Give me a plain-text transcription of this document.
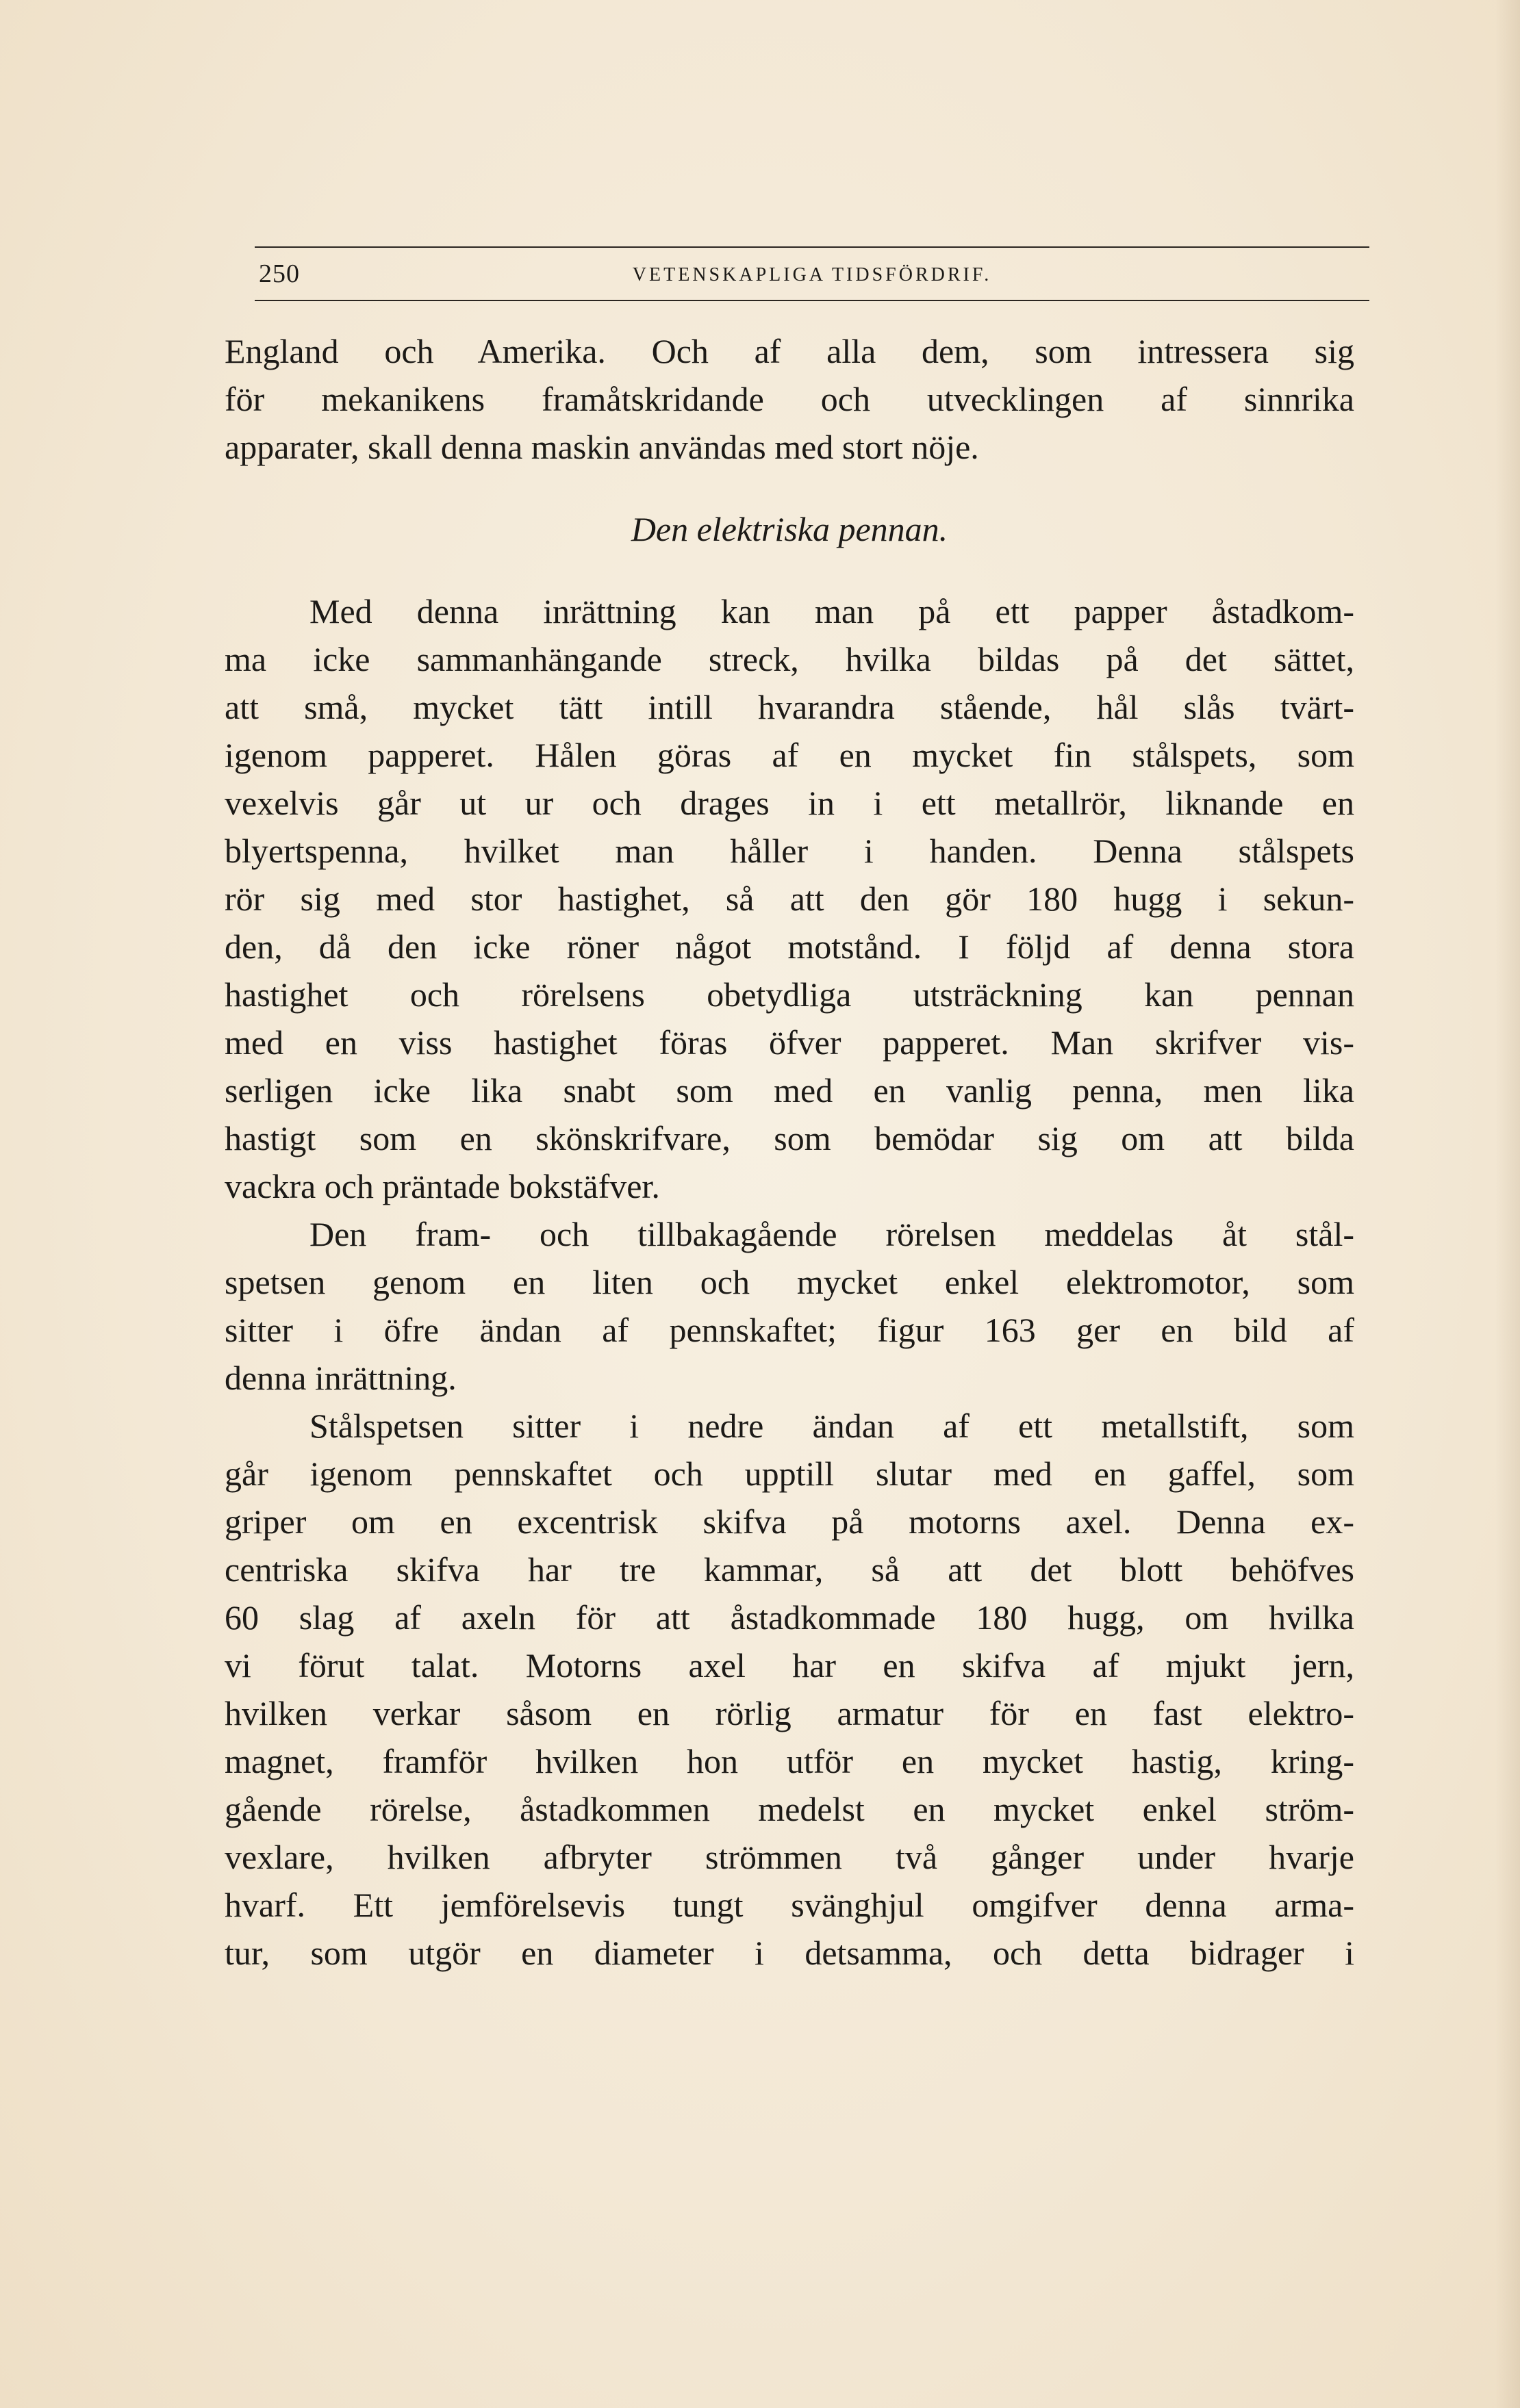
250	VETENSKAPLIGA TIDSFÖRDRIF.
England och Amerika. Och af alla dem, som intressera sig
för mekanikens framåtskridande och utvecklingen af sinnrika
apparater, skall denna maskin användas med stort nöje.
Den elektriska pennan.
Med denna inrättning kan man på ett papper åstadkom-
ma icke sammanhängande streck, hvilka bildas på det sättet,
att små, mycket tätt intill hvarandra stående, hål slås tvärt-
igenom papperet. Hålen göras af en mycket fin stålspets, som
vexelvis går ut ur och drages in i ett metallrör, liknande en
blyertspenna, hvilket man håller i handen. Denna stålspets
rör sig med stor hastighet, så att den gör 180 hugg i sekun-
den, då den icke röner något motstånd. I följd af denna stora
hastighet och rörelsens obetydliga utsträckning kan pennan
med en viss hastighet föras öfver papperet. Man skrifver vis-
serligen icke lika snabt som med en vanlig penna, men lika
hastigt som en skönskrifvare, som bemödar sig om att bilda
vackra och präntade bokstäfver.
Den fram- och tillbakagående rörelsen meddelas åt stål-
spetsen genom en liten och mycket enkel elektromotor, som
sitter i öfre ändan af pennskaftet; figur 163 ger en bild af
denna inrättning.
Stålspetsen sitter i nedre ändan af ett metallstift, som
går igenom pennskaftet och upptill slutar med en gaffel, som
griper om en excentrisk skifva på motorns axel. Denna ex-
centriska skifva har tre kammar, så att det blott behöfves
60 slag af axeln för att åstadkommade 180 hugg, om hvilka
vi förut talat. Motorns axel har en skifva af mjukt jern,
hvilken verkar såsom en rörlig armatur för en fast elektro-
magnet, framför hvilken hon utför en mycket hastig, kring-
gående rörelse, åstadkommen medelst en mycket enkel ström-
vexlare, hvilken afbryter strömmen två gånger under hvarje
hvarf. Ett jemförelsevis tungt svänghjul omgifver denna arma-
tur, som utgör en diameter i detsamma, och detta bidrager i
